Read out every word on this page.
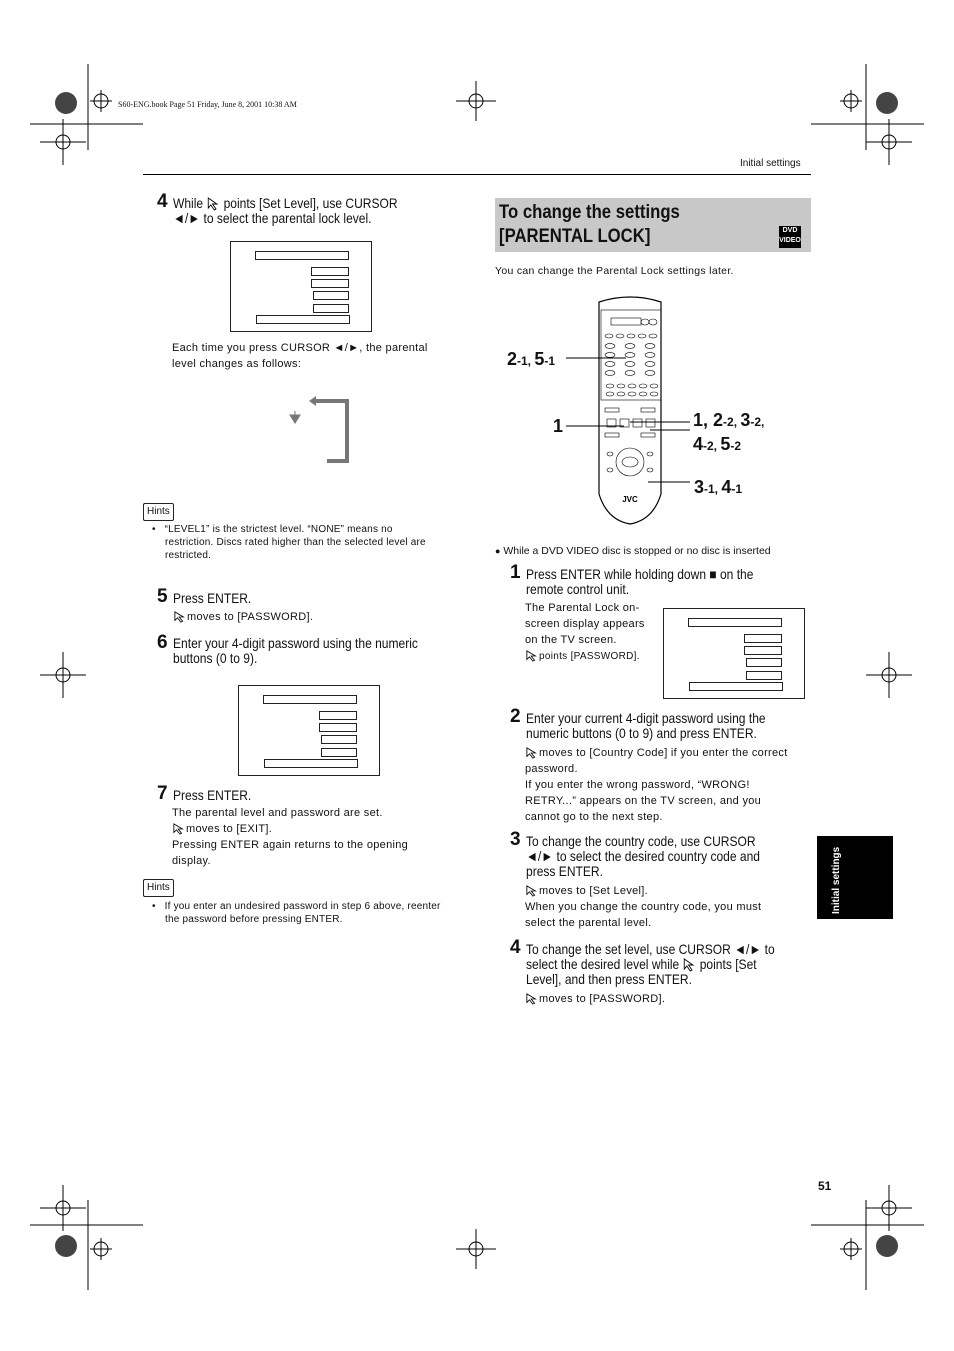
S60-ENG.book Page 51 Friday, June 8, 2001 10:38 AM
Initial settings
4 While points [Set Level], use CURSOR
◄/► to select the parental lock level.
Each time you press CURSOR ◄/►, the parental
level changes as follows:
Hints
•   “LEVEL1” is the strictest level. “NONE” means no
restriction. Discs rated higher than the selected level are
restricted.
5 Press ENTER.
moves to [PASSWORD].
6 Enter your 4-digit password using the numeric
buttons (0 to 9).
7 Press ENTER.
The parental level and password are set.
moves to [EXIT].
Pressing ENTER again returns to the opening
display.
Hints
•   If you enter an undesired password in step 6 above, reenter
the password before pressing ENTER.
To change the settings
[PARENTAL LOCK]	DVD
VIDEO
You can change the Parental Lock settings later.
JVC
2-1, 5-1
1	1, 2-2, 3-2,
4-2, 5-2
3-1, 4-1
● While a DVD VIDEO disc is stopped or no disc is inserted
1 Press ENTER while holding down ■ on the
remote control unit.
The Parental Lock on-
screen display appears
on the TV screen.
points [PASSWORD].
2 Enter your current 4-digit password using the
numeric buttons (0 to 9) and press ENTER.
moves to [Country Code] if you enter the correct
password.
If you enter the wrong password, “WRONG!
RETRY...” appears on the TV screen, and you
cannot go to the next step.
3 To change the country code, use CURSOR
◄/► to select the desired country code and
press ENTER.
moves to [Set Level].
When you change the country code, you must
select the parental level.
4 To change the set level, use CURSOR ◄/► to
select the desired level while points [Set
Level], and then press ENTER.
moves to [PASSWORD].
Initial settings
51
